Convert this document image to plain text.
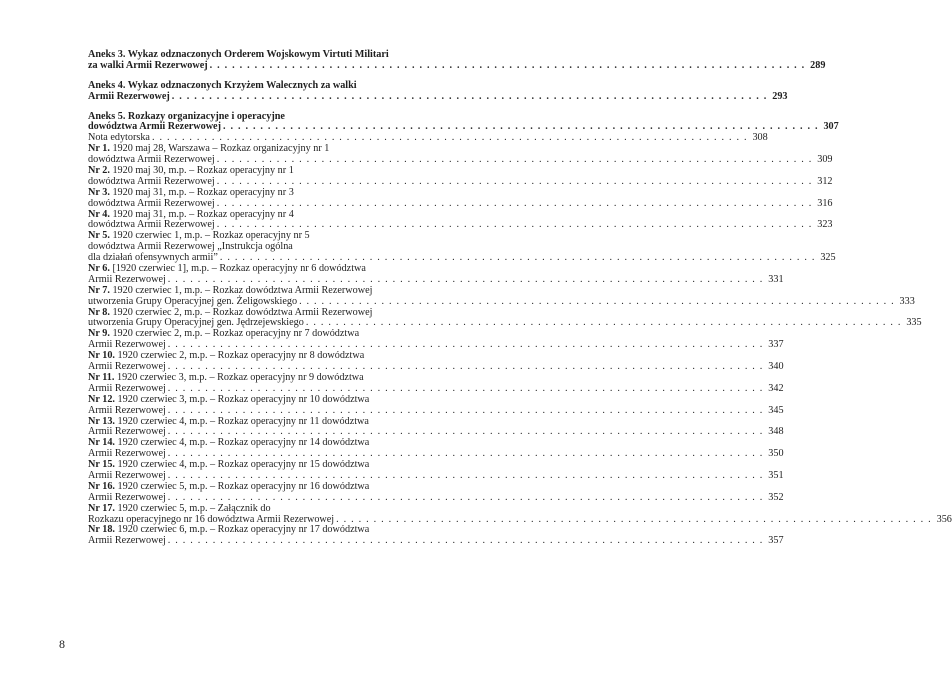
Aneks 3. Wykaz odznaczonych Orderem Wojskowym Virtuti Militari
za walki Armii Rezerwowej . . . . . . . . . . . . . . . . . . . . . . . . . . . . . . . . . . . . . . . . . . . . . . . . . . . . . . . . . . . . . . . . . . . . . . . . . . . . . . . . 289
Aneks 4. Wykaz odznaczonych Krzyżem Walecznych za walki
Armii Rezerwowej . . . . . . . . . . . . . . . . . . . . . . . . . . . . . . . . . . . . . . . . . . . . . . . . . . . . . . . . . . . . . . . . . . . . . . . . . . . . . . . . 293
Aneks 5. Rozkazy organizacyjne i operacyjne
dowództwa Armii Rezerwowej . . . . . . . . . . . . . . . . . . . . . . . . . . . . . . . . . . . . . . . . . . . . . . . . . . . . . . . . . . . . . . . . . . . . . . . . . . . . . . . . 307
Nota edytorska . . . . . . . . . . . . . . . . . . . . . . . . . . . . . . . . . . . . . . . . . . . . . . . . . . . . . . . . . . . . . . . . . . . . . . . . . . . . . . . . 308
Nr 1. 1920 maj 28, Warszawa – Rozkaz organizacyjny nr 1
dowództwa Armii Rezerwowej . . . . . . . . . . . . . . . . . . . . . . . . . . . . . . . . . . . . . . . . . . . . . . . . . . . . . . . . . . . . . . . . . . . . . . . . . . . . . . . . 309
Nr 2. 1920 maj 30, m.p. – Rozkaz operacyjny nr 1
dowództwa Armii Rezerwowej . . . . . . . . . . . . . . . . . . . . . . . . . . . . . . . . . . . . . . . . . . . . . . . . . . . . . . . . . . . . . . . . . . . . . . . . . . . . . . . . 312
Nr 3. 1920 maj 31, m.p. – Rozkaz operacyjny nr 3
dowództwa Armii Rezerwowej . . . . . . . . . . . . . . . . . . . . . . . . . . . . . . . . . . . . . . . . . . . . . . . . . . . . . . . . . . . . . . . . . . . . . . . . . . . . . . . . 316
Nr 4. 1920 maj 31, m.p. – Rozkaz operacyjny nr 4
dowództwa Armii Rezerwowej . . . . . . . . . . . . . . . . . . . . . . . . . . . . . . . . . . . . . . . . . . . . . . . . . . . . . . . . . . . . . . . . . . . . . . . . . . . . . . . . 323
Nr 5. 1920 czerwiec 1, m.p. – Rozkaz operacyjny nr 5
dowództwa Armii Rezerwowej „Instrukcja ogólna
dla działań ofensywnych armii” . . . . . . . . . . . . . . . . . . . . . . . . . . . . . . . . . . . . . . . . . . . . . . . . . . . . . . . . . . . . . . . . . . . . . . . . . . . . . . . . 325
Nr 6. [1920 czerwiec 1], m.p. – Rozkaz operacyjny nr 6 dowództwa
Armii Rezerwowej . . . . . . . . . . . . . . . . . . . . . . . . . . . . . . . . . . . . . . . . . . . . . . . . . . . . . . . . . . . . . . . . . . . . . . . . . . . . . . . . 331
Nr 7. 1920 czerwiec 1, m.p. – Rozkaz dowództwa Armii Rezerwowej
utworzenia Grupy Operacyjnej gen. Żeligowskiego . . . . . . . . . . . . . . . . . . . . . . . . . . . . . . . . . . . . . . . . . . . . . . . . . . . . . . . . . . . . . . . . . . . . . . . . . . . . . . . . 333
Nr 8. 1920 czerwiec 2, m.p. – Rozkaz dowództwa Armii Rezerwowej
utworzenia Grupy Operacyjnej gen. Jędrzejewskiego . . . . . . . . . . . . . . . . . . . . . . . . . . . . . . . . . . . . . . . . . . . . . . . . . . . . . . . . . . . . . . . . . . . . . . . . . . . . . . . . 335
Nr 9. 1920 czerwiec 2, m.p. – Rozkaz operacyjny nr 7 dowództwa
Armii Rezerwowej . . . . . . . . . . . . . . . . . . . . . . . . . . . . . . . . . . . . . . . . . . . . . . . . . . . . . . . . . . . . . . . . . . . . . . . . . . . . . . . . 337
Nr 10. 1920 czerwiec 2, m.p. – Rozkaz operacyjny nr 8 dowództwa
Armii Rezerwowej . . . . . . . . . . . . . . . . . . . . . . . . . . . . . . . . . . . . . . . . . . . . . . . . . . . . . . . . . . . . . . . . . . . . . . . . . . . . . . . . 340
Nr 11. 1920 czerwiec 3, m.p. – Rozkaz operacyjny nr 9 dowództwa
Armii Rezerwowej . . . . . . . . . . . . . . . . . . . . . . . . . . . . . . . . . . . . . . . . . . . . . . . . . . . . . . . . . . . . . . . . . . . . . . . . . . . . . . . . 342
Nr 12. 1920 czerwiec 3, m.p. – Rozkaz operacyjny nr 10 dowództwa
Armii Rezerwowej . . . . . . . . . . . . . . . . . . . . . . . . . . . . . . . . . . . . . . . . . . . . . . . . . . . . . . . . . . . . . . . . . . . . . . . . . . . . . . . . 345
Nr 13. 1920 czerwiec 4, m.p. – Rozkaz operacyjny nr 11 dowództwa
Armii Rezerwowej . . . . . . . . . . . . . . . . . . . . . . . . . . . . . . . . . . . . . . . . . . . . . . . . . . . . . . . . . . . . . . . . . . . . . . . . . . . . . . . . 348
Nr 14. 1920 czerwiec 4, m.p. – Rozkaz operacyjny nr 14 dowództwa
Armii Rezerwowej . . . . . . . . . . . . . . . . . . . . . . . . . . . . . . . . . . . . . . . . . . . . . . . . . . . . . . . . . . . . . . . . . . . . . . . . . . . . . . . . 350
Nr 15. 1920 czerwiec 4, m.p. – Rozkaz operacyjny nr 15 dowództwa
Armii Rezerwowej . . . . . . . . . . . . . . . . . . . . . . . . . . . . . . . . . . . . . . . . . . . . . . . . . . . . . . . . . . . . . . . . . . . . . . . . . . . . . . . . 351
Nr 16. 1920 czerwiec 5, m.p. – Rozkaz operacyjny nr 16 dowództwa
Armii Rezerwowej . . . . . . . . . . . . . . . . . . . . . . . . . . . . . . . . . . . . . . . . . . . . . . . . . . . . . . . . . . . . . . . . . . . . . . . . . . . . . . . . 352
Nr 17. 1920 czerwiec 5, m.p. – Załącznik do
Rozkazu operacyjnego nr 16 dowództwa Armii Rezerwowej . . . . . . . . . . . . . . . . . . . . . . . . . . . . . . . . . . . . . . . . . . . . . . . . . . . . . . . . . . . . . . . . . . . . . . . . . . . . . . . . 356
Nr 18. 1920 czerwiec 6, m.p. – Rozkaz operacyjny nr 17 dowództwa
Armii Rezerwowej . . . . . . . . . . . . . . . . . . . . . . . . . . . . . . . . . . . . . . . . . . . . . . . . . . . . . . . . . . . . . . . . . . . . . . . . . . . . . . . . 357
8
